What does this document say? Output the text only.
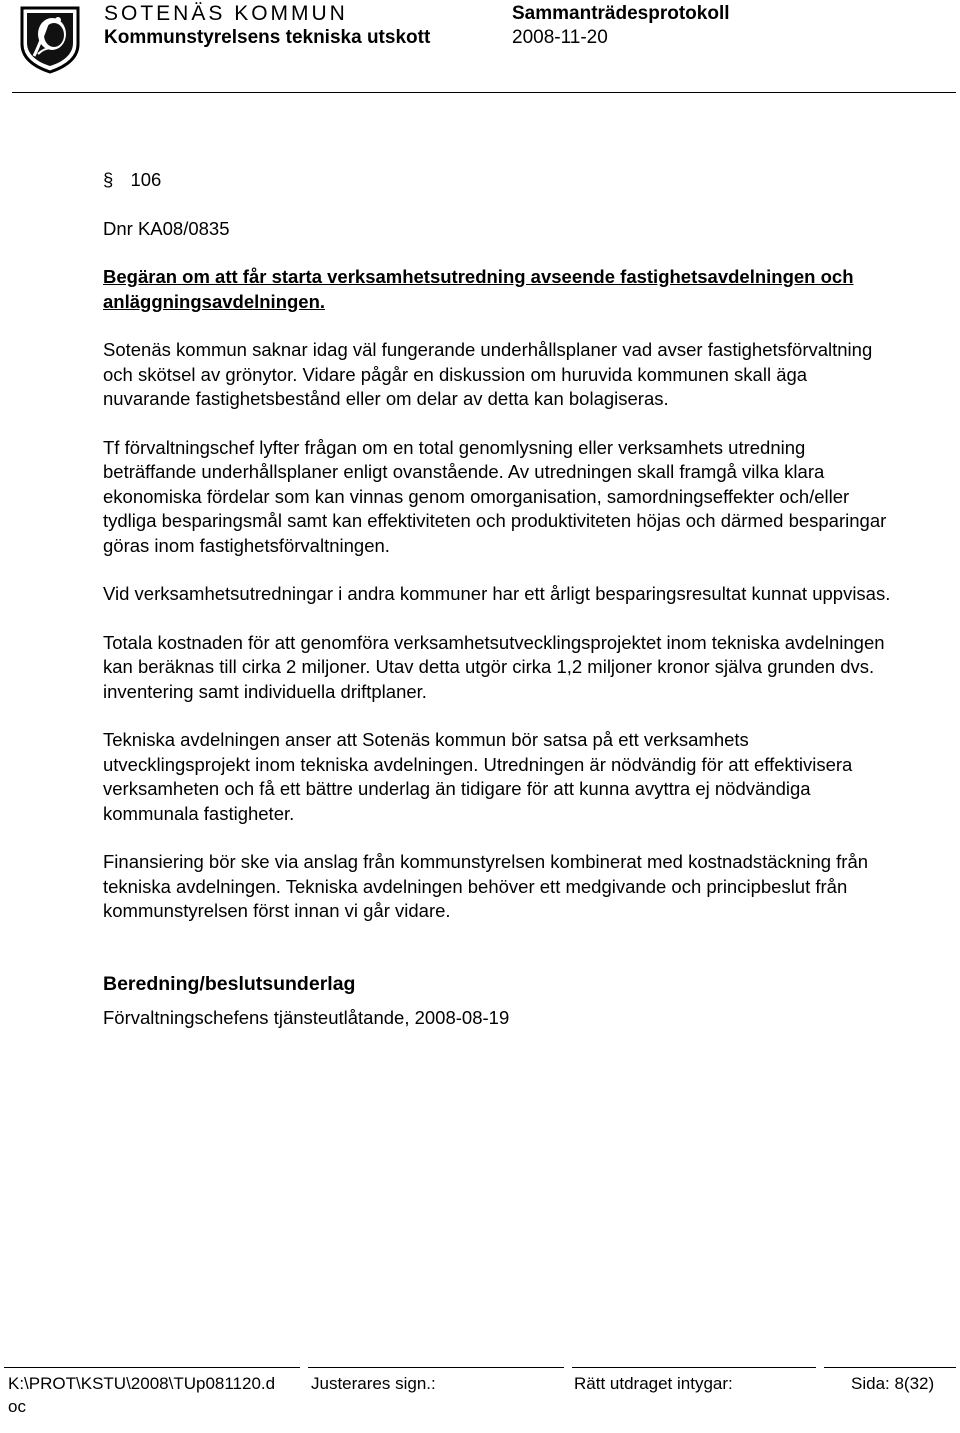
SOTENÄS KOMMUN
Kommunstyrelsens tekniska utskott
Sammanträdesprotokoll
2008-11-20

§ 106

Dnr KA08/0835

Begäran om att får starta verksamhetsutredning avseende fastighetsavdelningen och anläggningsavdelningen.

Sotenäs kommun saknar idag väl fungerande underhållsplaner vad avser fastighetsförvaltning och skötsel av grönytor. Vidare pågår en diskussion om huruvida kommunen skall äga nuvarande fastighetsbestånd eller om delar av detta kan bolagiseras.

Tf förvaltningschef lyfter frågan om en total genomlysning eller verksamhets utredning beträffande underhållsplaner enligt ovanstående. Av utredningen skall framgå vilka klara ekonomiska fördelar som kan vinnas genom omorganisation, samordningseffekter och/eller tydliga besparingsmål samt kan effektiviteten och produktiviteten höjas och därmed besparingar göras inom fastighetsförvaltningen.

Vid verksamhetsutredningar i andra kommuner har ett årligt besparingsresultat kunnat uppvisas.

Totala kostnaden för att genomföra verksamhetsutvecklingsprojektet inom tekniska avdelningen kan beräknas till cirka 2 miljoner. Utav detta utgör cirka 1,2 miljoner kronor själva grunden dvs. inventering samt individuella driftplaner.

Tekniska avdelningen anser att Sotenäs kommun bör satsa på ett verksamhets utvecklingsprojekt inom tekniska avdelningen. Utredningen är nödvändig för att effektivisera verksamheten och få ett bättre underlag än tidigare för att kunna avyttra ej nödvändiga kommunala fastigheter.

Finansiering bör ske via anslag från kommunstyrelsen kombinerat med kostnadstäckning från tekniska avdelningen. Tekniska avdelningen behöver ett medgivande och principbeslut från kommunstyrelsen först innan vi går vidare.

Beredning/beslutsunderlag

Förvaltningschefens tjänsteutlåtande, 2008-08-19

K:\PROT\KSTU\2008\TUp081120.d
oc
Justerares sign.:	Rätt utdraget intygar:	Sida: 8(32)
